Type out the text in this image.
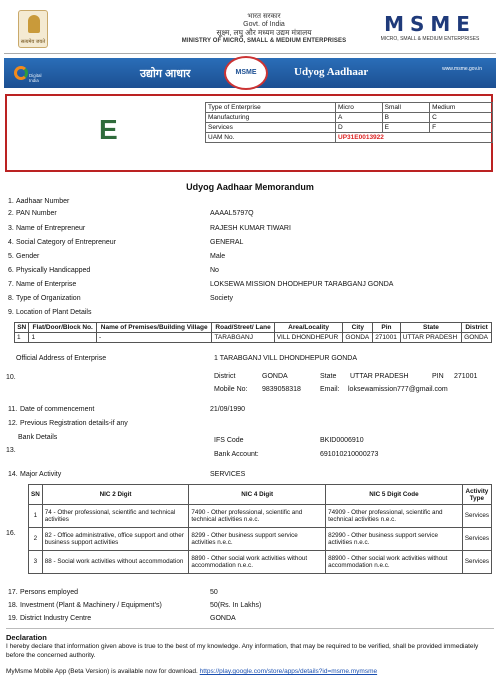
सत्यमेव जयते
भारत सरकार
Govt. of India
सूक्ष्म, लघु और मध्यम उद्यम मंत्रालय
MINISTRY OF MICRO, SMALL & MEDIUM ENTERPRISES
MSME
MICRO, SMALL & MEDIUM ENTERPRISES
Digital India
उद्योग आधार	MSME	Udyog Aadhaar	www.msme.gov.in
E
Type of Enterprise	Micro	Small	Medium
Manufacturing	A	B	C
Services	D	E	F
UAM No.	UP31E0013922		
Udyog Aadhaar Memorandum
1. Aadhaar Number
2. PAN Number	AAAAL5797Q
3. Name of Entrepreneur	RAJESH KUMAR TIWARI
4. Social Category of Entrepreneur	GENERAL
5. Gender	Male
6. Physically Handicapped	No
7. Name of Enterprise	LOKSEWA MISSION DHODHEPUR TARABGANJ GONDA
8. Type of Organization	Society
9. Location of Plant Details
SN	Flat/Door/Block No.	Name of Premises/Building Village	Road/Street/ Lane	Area/Locality	City	Pin	State	District
1	1	-	TARABGANJ	VILL DHONDHEPUR	GONDA	271001	UTTAR PRADESH	GONDA
Official Address of Enterprise
10.
1 TARABGANJ VILL DHONDHEPUR GONDA
District	GONDA	State UTTAR PRADESH	PIN 271001
Mobile No: 9839058318	Email: loksewamission777@gmail.com
11. Date of commencement	21/09/1990
12. Previous Registration details-if any
Bank Details
13.
IFS Code	BKID0006910
Bank Account:	691010210000273
14. Major Activity	SERVICES
16.
SN	NIC 2 Digit	NIC 4 Digit	NIC 5 Digit Code	Activity Type
1	74 - Other professional, scientific and technical activities	7490 - Other professional, scientific and technical activities n.e.c.	74909 - Other professional, scientific and technical activities n.e.c.	Services
2	82 - Office administrative, office support and other business support activities	8299 - Other business support service activities n.e.c.	82990 - Other business support service activities n.e.c.	Services
3	88 - Social work activities without accommodation	8890 - Other social work activities without accommodation n.e.c.	88900 - Other social work activities without accommodation n.e.c.	Services
17. Persons employed	50
18. Investment (Plant & Machinery / Equipment's)	50(Rs. In Lakhs)
19. District Industry Centre	GONDA
Declaration
I hereby declare that information given above is true to the best of my knowledge. Any information, that may be required to be verified, shall be provided immediately before the concerned authority.
MyMsme Mobile App (Beta Version) is available now for download. https://play.google.com/store/apps/details?id=msme.mymsme
